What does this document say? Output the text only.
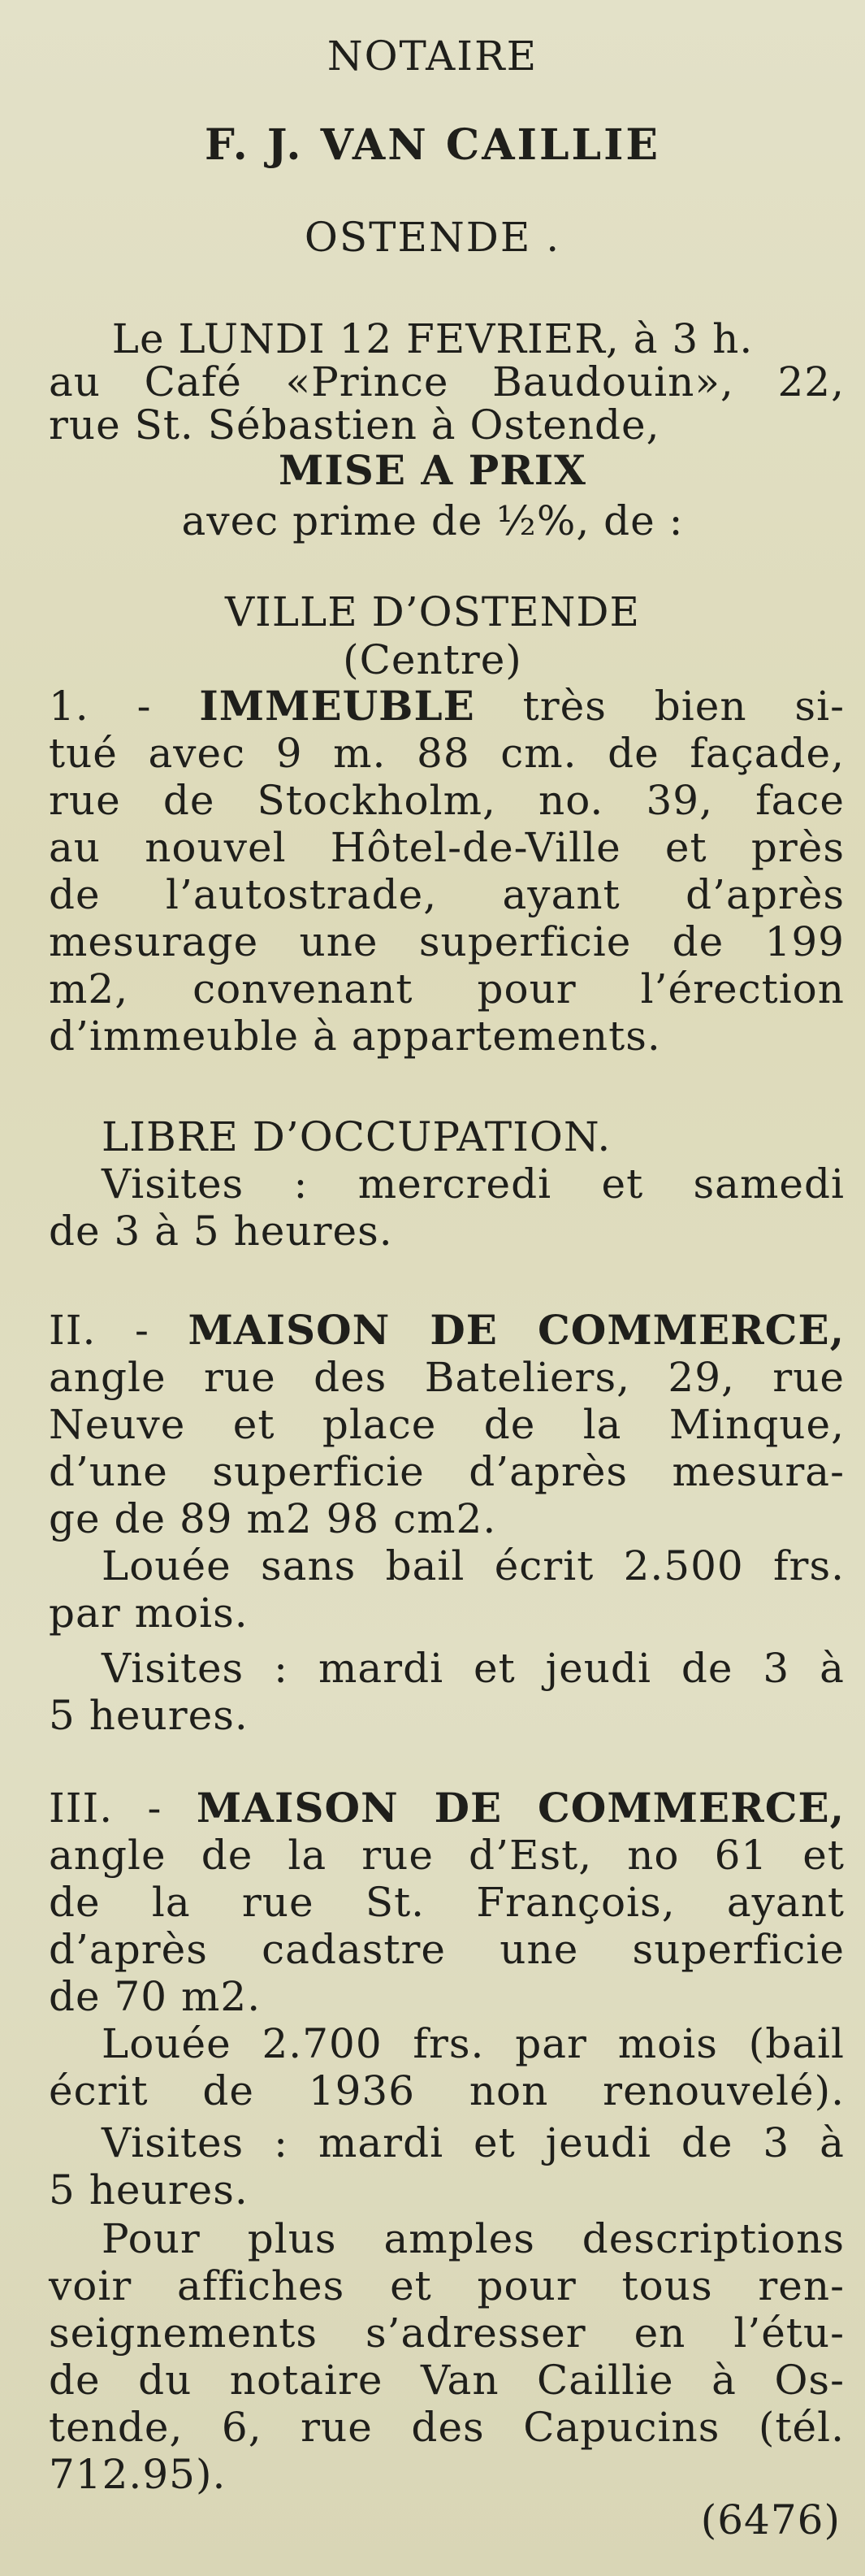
NOTAIRE
F. J. VAN CAILLIE
OSTENDE .
Le LUNDI 12 FEVRIER, à 3 h.
au Café «Prince Baudouin», 22,
rue St. Sébastien à Ostende,
MISE A PRIX
avec prime de ½%, de :
VILLE D’OSTENDE
(Centre)
1. - IMMEUBLE très bien si-
tué avec 9 m. 88 cm. de façade,
rue de Stockholm, no. 39, face
au nouvel Hôtel-de-Ville et près
de l’autostrade, ayant d’après
mesurage une superficie de 199
m2, convenant pour l’érection
d’immeuble à appartements.
LIBRE D’OCCUPATION.
Visites : mercredi et samedi
de 3 à 5 heures.
II. - MAISON DE COMMERCE,
angle rue des Bateliers, 29, rue
Neuve et place de la Minque,
d’une superficie d’après mesura-
ge de 89 m2 98 cm2.
Louée sans bail écrit 2.500 frs.
par mois.
Visites : mardi et jeudi de 3 à
5 heures.
III. - MAISON DE COMMERCE,
angle de la rue d’Est, no 61 et
de la rue St. François, ayant
d’après cadastre une superficie
de 70 m2.
Louée 2.700 frs. par mois (bail
écrit de 1936 non renouvelé).
Visites : mardi et jeudi de 3 à
5 heures.
Pour plus amples descriptions
voir affiches et pour tous ren-
seignements s’adresser en l’étu-
de du notaire Van Caillie à Os-
tende, 6, rue des Capucins (tél.
712.95).
(6476)
